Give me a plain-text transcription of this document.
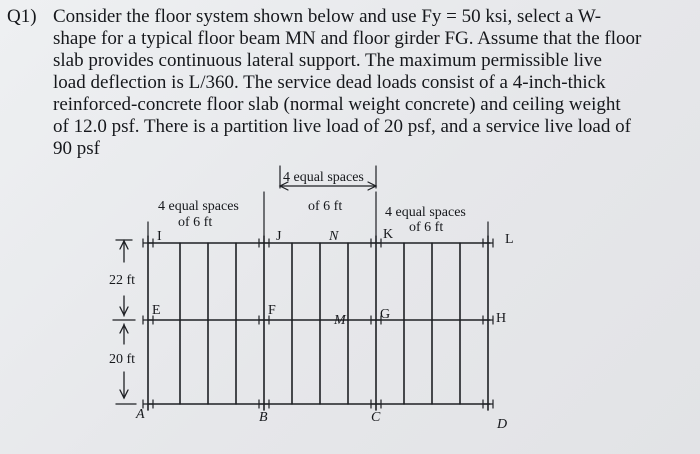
Q1) Consider the floor system shown below and use Fy = 50 ksi, select a W-
shape for a typical floor beam MN and floor girder FG. Assume that the floor
slab provides continuous lateral support. The maximum permissible live
load deflection is L/360. The service dead loads consist of a 4-inch-thick
reinforced-concrete floor slab (normal weight concrete) and ceiling weight
of 12.0 psf. There is a partition live load of 20 psf, and a service live load of
90 psf
4 equal spaces
of 6 ft
4 equal spaces
of 6 ft	4 equal spaces
of 6 ft
22 ft
20 ft
I	J	N	K	L
E	F
M G	H
A	B	C	D
